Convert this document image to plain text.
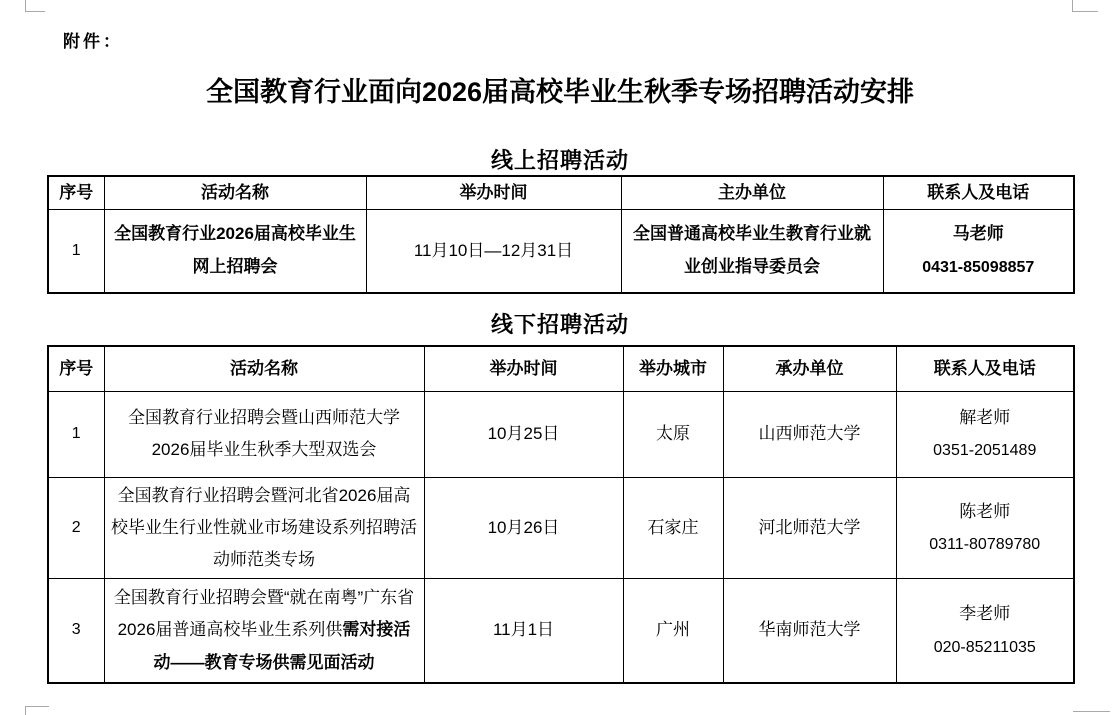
附件：
全国教育行业面向2026届高校毕业生秋季专场招聘活动安排
线上招聘活动
序号	活动名称	举办时间	主办单位	联系人及电话
1	全国教育行业2026届高校毕业生网上招聘会	11月10日—12月31日	全国普通高校毕业生教育行业就业创业指导委员会	马老师
0431-85098857
线下招聘活动
序号	活动名称	举办时间	举办城市	承办单位	联系人及电话
1	全国教育行业招聘会暨山西师范大学2026届毕业生秋季大型双选会	10月25日	太原	山西师范大学	解老师
0351-2051489

2	全国教育行业招聘会暨河北省2026届高校毕业生行业性就业市场建设系列招聘活动师范类专场	10月26日	石家庄	河北师范大学	陈老师
0311-80789780

3	全国教育行业招聘会暨“就在南粤”广东省2026届普通高校毕业生系列供需对接活动——教育专场供需见面活动	11月1日	广州	华南师范大学	李老师
020-85211035
